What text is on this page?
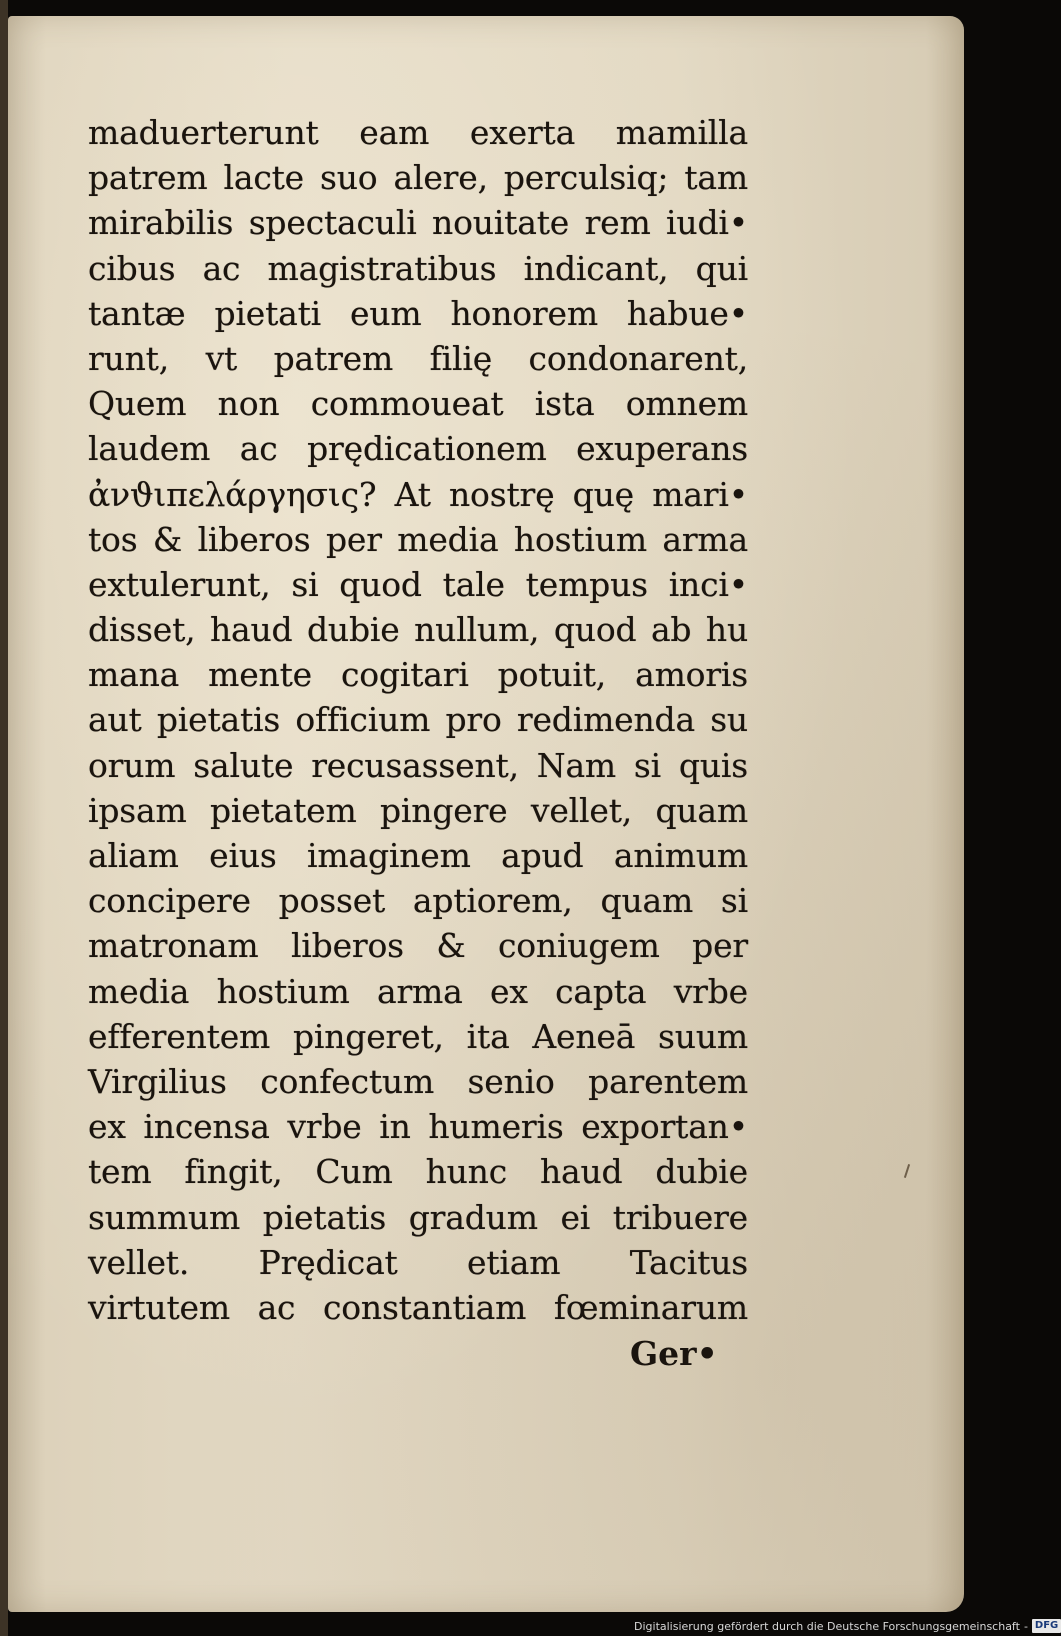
maduerterunt eam exerta mamilla
patrem lacte suo alere, perculsiq; tam
mirabilis spectaculi nouitate rem iudi•
cibus ac magistratibus indicant, qui
tantæ pietati eum honorem habue•
runt, vt patrem filię condonarent,
Quem non commoueat ista omnem
laudem ac prędicationem exuperans
ἀνϑιπελάργησις? At nostrę quę mari•
tos & liberos per media hostium arma
extulerunt, si quod tale tempus inci•
disset, haud dubie nullum, quod ab hu
mana mente cogitari potuit, amoris
aut pietatis officium pro redimenda su
orum salute recusassent, Nam si quis
ipsam pietatem pingere vellet, quam
aliam eius imaginem apud animum
concipere posset aptiorem, quam si
matronam liberos & coniugem per
media hostium arma ex capta vrbe
efferentem pingeret, ita Aeneā suum
Virgilius confectum senio parentem
ex incensa vrbe in humeris exportan•
tem fingit, Cum hunc haud dubie
summum pietatis gradum ei tribuere
vellet. Prędicat etiam Tacitus
virtutem ac constantiam fœminarum
Ger•
Digitalisierung gefördert durch die Deutsche Forschungsgemeinschaft - DFG
